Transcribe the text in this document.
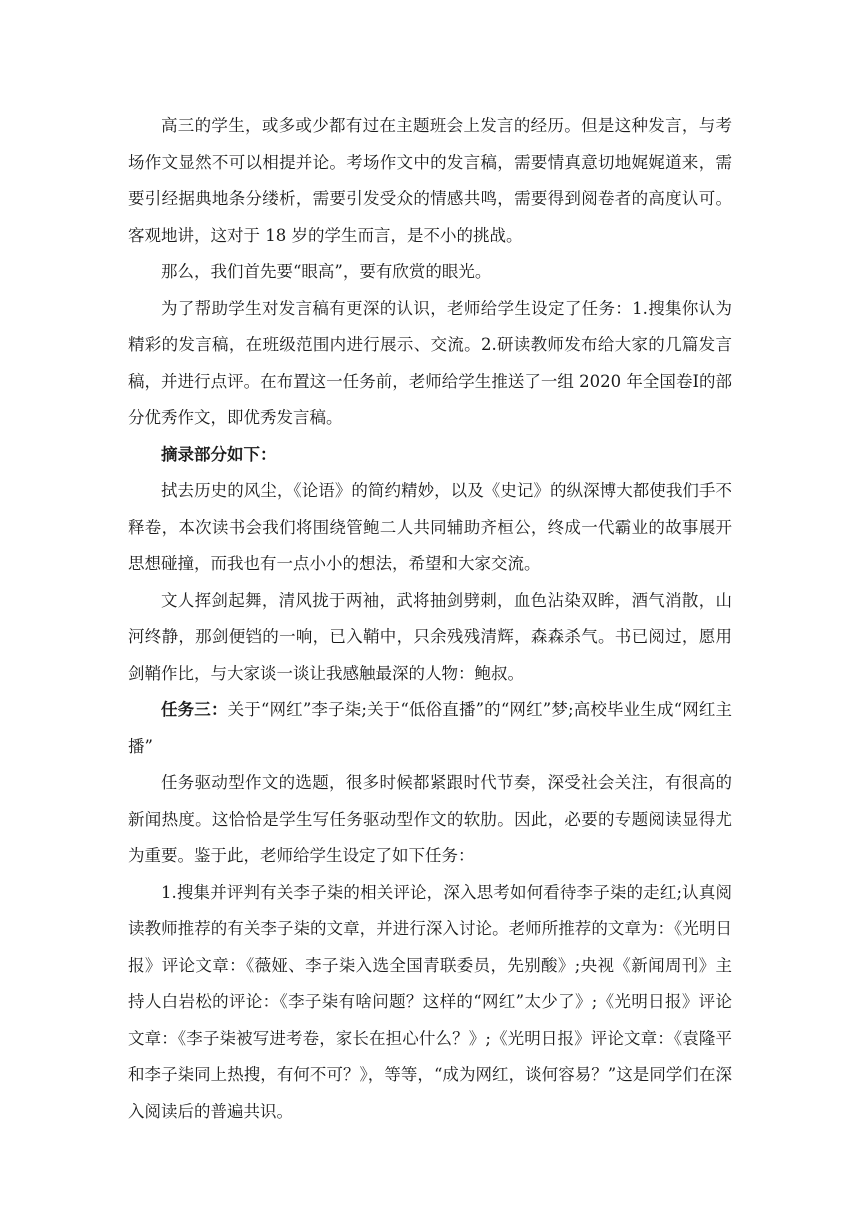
高三的学生，或多或少都有过在主题班会上发言的经历。但是这种发言，与考场作文显然不可以相提并论。考场作文中的发言稿，需要情真意切地娓娓道来，需要引经据典地条分缕析，需要引发受众的情感共鸣，需要得到阅卷者的高度认可。客观地讲，这对于 18 岁的学生而言，是不小的挑战。

那么，我们首先要“眼高”，要有欣赏的眼光。

为了帮助学生对发言稿有更深的认识，老师给学生设定了任务：1.搜集你认为精彩的发言稿，在班级范围内进行展示、交流。2.研读教师发布给大家的几篇发言稿，并进行点评。在布置这一任务前，老师给学生推送了一组 2020 年全国卷Ⅰ的部分优秀作文，即优秀发言稿。

摘录部分如下：

拭去历史的风尘，《论语》的简约精妙，以及《史记》的纵深博大都使我们手不释卷，本次读书会我们将围绕管鲍二人共同辅助齐桓公，终成一代霸业的故事展开思想碰撞，而我也有一点小小的想法，希望和大家交流。

文人挥剑起舞，清风拢于两袖，武将抽剑劈刺，血色沾染双眸，酒气消散，山河终静，那剑便铛的一响，已入鞘中，只余残残清辉，森森杀气。书已阅过，愿用剑鞘作比，与大家谈一谈让我感触最深的人物：鲍叔。

任务三：关于“网红”李子柒;关于“低俗直播”的“网红”梦;高校毕业生成“网红主播”

任务驱动型作文的选题，很多时候都紧跟时代节奏，深受社会关注，有很高的新闻热度。这恰恰是学生写任务驱动型作文的软肋。因此，必要的专题阅读显得尤为重要。鉴于此，老师给学生设定了如下任务：

1.搜集并评判有关李子柒的相关评论，深入思考如何看待李子柒的走红;认真阅读教师推荐的有关李子柒的文章，并进行深入讨论。老师所推荐的文章为：《光明日报》评论文章：《薇娅、李子柒入选全国青联委员，先别酸》;央视《新闻周刊》主持人白岩松的评论：《李子柒有啥问题？这样的“网红”太少了》;《光明日报》评论文章：《李子柒被写进考卷，家长在担心什么？》;《光明日报》评论文章：《袁隆平和李子柒同上热搜，有何不可？》，等等，“成为网红，谈何容易？”这是同学们在深入阅读后的普遍共识。
